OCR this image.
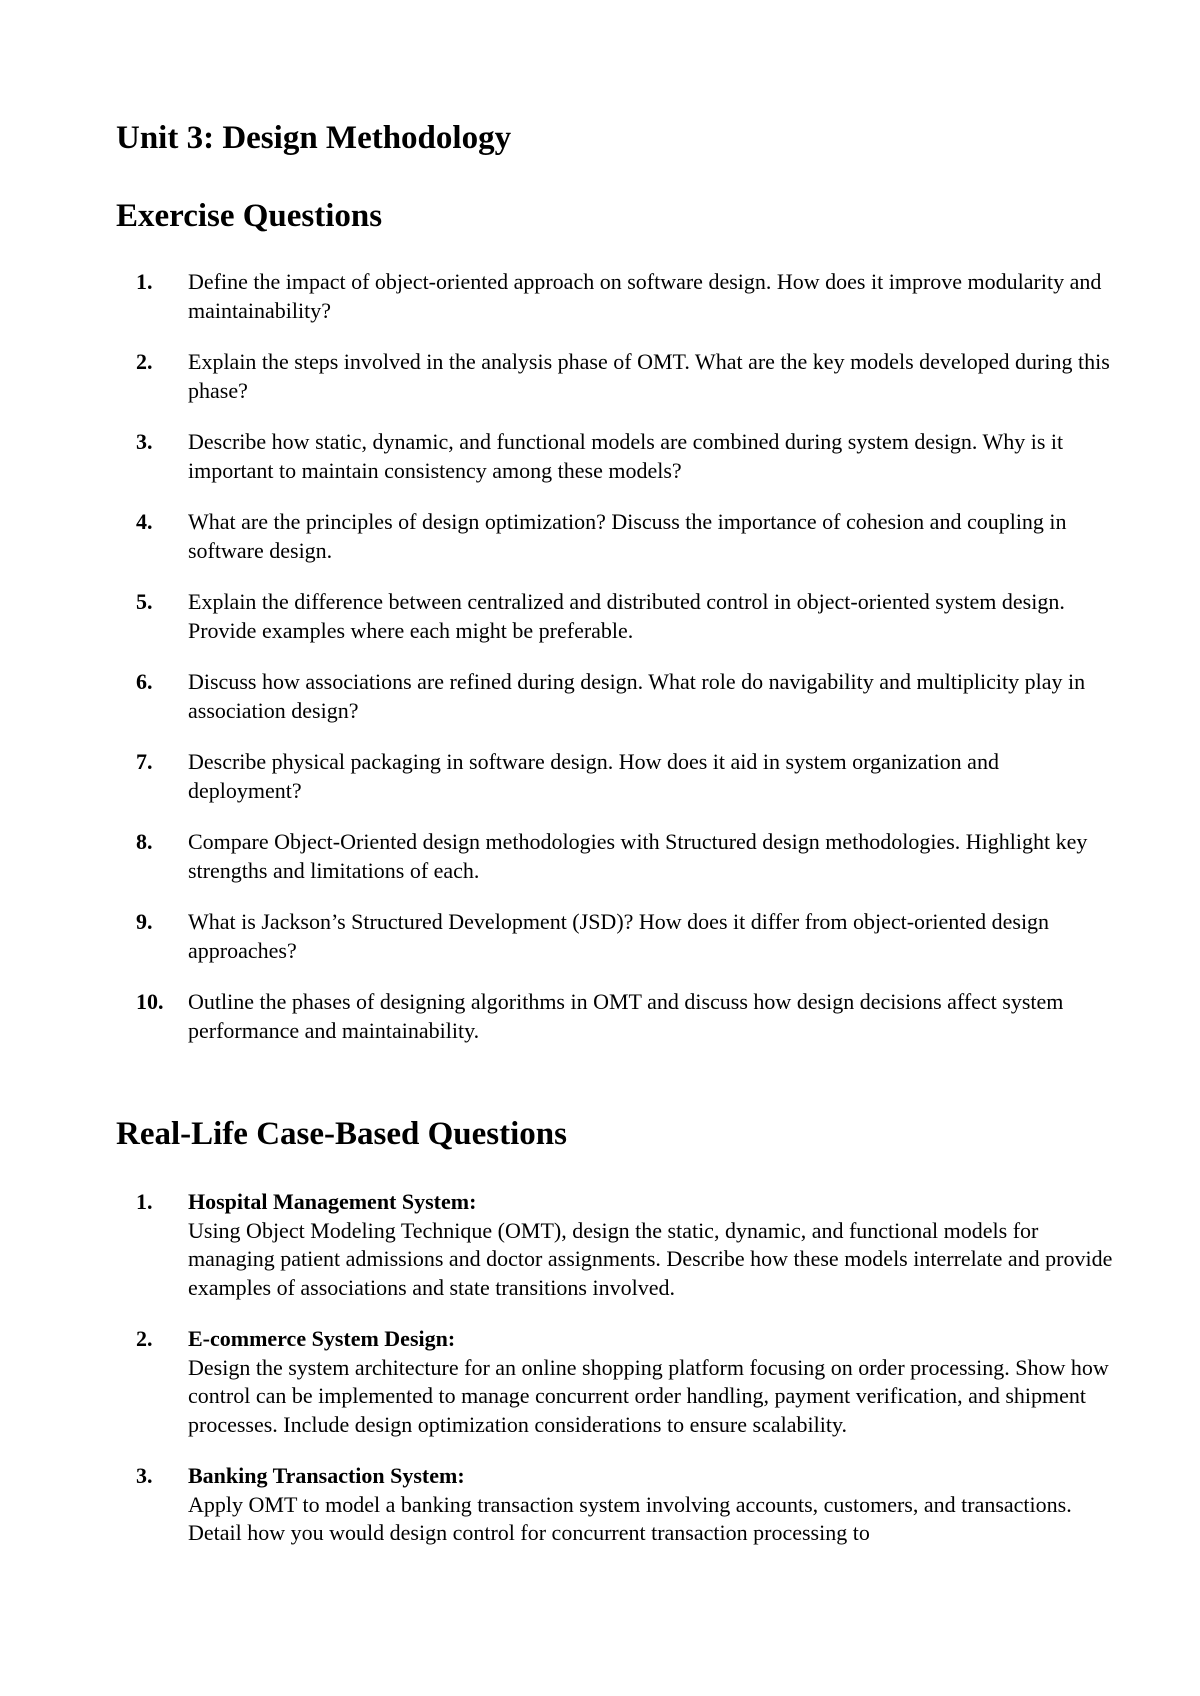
Unit 3: Design Methodology
Exercise Questions
1.	Define the impact of object-oriented approach on software design. How does it improve modularity and maintainability?
2.	Explain the steps involved in the analysis phase of OMT. What are the key models developed during this phase?
3.	Describe how static, dynamic, and functional models are combined during system design. Why is it important to maintain consistency among these models?
4.	What are the principles of design optimization? Discuss the importance of cohesion and coupling in software design.
5.	Explain the difference between centralized and distributed control in object-oriented system design. Provide examples where each might be preferable.
6.	Discuss how associations are refined during design. What role do navigability and multiplicity play in association design?
7.	Describe physical packaging in software design. How does it aid in system organization and deployment?
8.	Compare Object-Oriented design methodologies with Structured design methodologies. Highlight key strengths and limitations of each.
9.	What is Jackson’s Structured Development (JSD)? How does it differ from object-oriented design approaches?
10.	Outline the phases of designing algorithms in OMT and discuss how design decisions affect system performance and maintainability.
Real-Life Case-Based Questions
1.	Hospital Management System:
Using Object Modeling Technique (OMT), design the static, dynamic, and functional models for managing patient admissions and doctor assignments. Describe how these models interrelate and provide examples of associations and state transitions involved.
2.	E-commerce System Design:
Design the system architecture for an online shopping platform focusing on order processing. Show how control can be implemented to manage concurrent order handling, payment verification, and shipment processes. Include design optimization considerations to ensure scalability.
3.	Banking Transaction System:
Apply OMT to model a banking transaction system involving accounts, customers, and transactions. Detail how you would design control for concurrent transaction processing to
